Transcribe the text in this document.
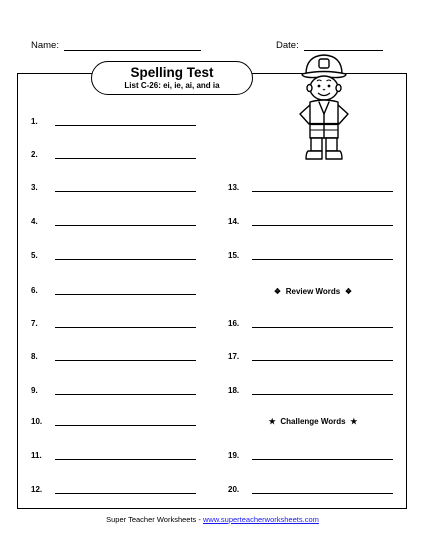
Name:	Date:
Spelling Test
List C-26: ei, ie, ai, and ia
1.
2.
3.
4.
5.
6.
7.
8.
9.
10.
11.
12.
13.
14.
15.
❖ Review Words ❖
16.
17.
18.
★ Challenge Words ★
19.
20.
Super Teacher Worksheets - www.superteacherworksheets.com
